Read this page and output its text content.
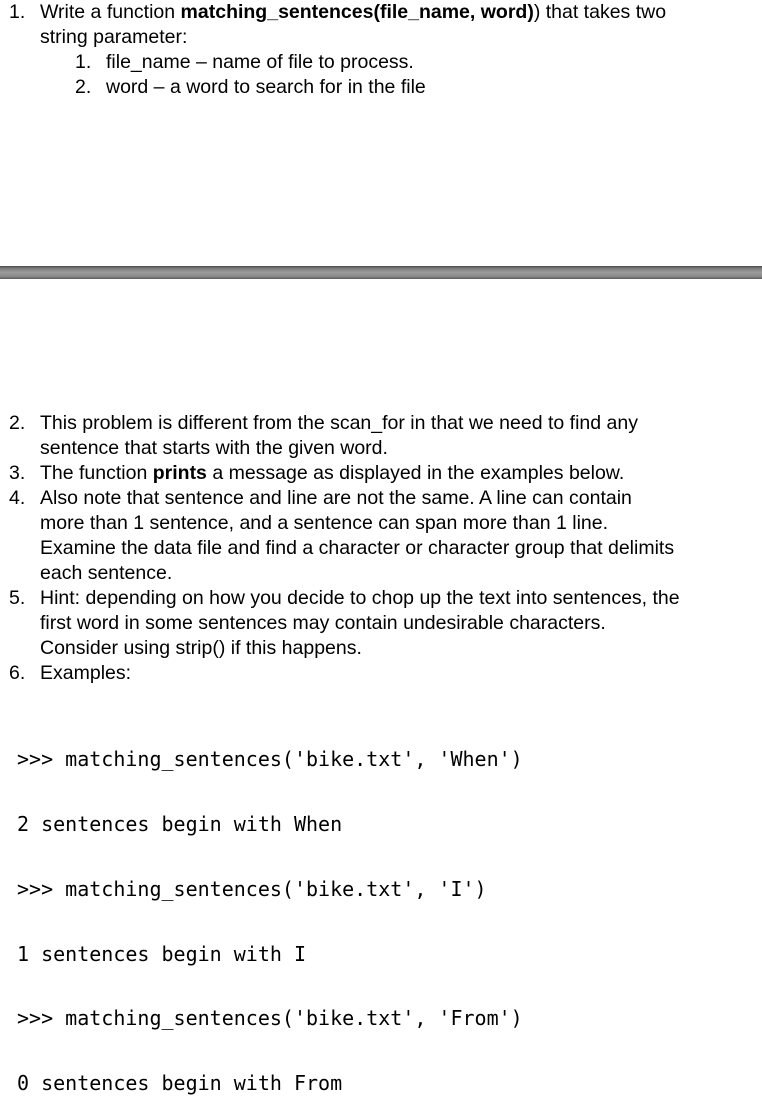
1. Write a function matching_sentences(file_name, word)) that takes two
string parameter:
1. file_name – name of file to process.
2. word – a word to search for in the file
2. This problem is different from the scan_for in that we need to find any
sentence that starts with the given word.
3. The function prints a message as displayed in the examples below.
4. Also note that sentence and line are not the same. A line can contain
more than 1 sentence, and a sentence can span more than 1 line.
Examine the data file and find a character or character group that delimits
each sentence.
5. Hint: depending on how you decide to chop up the text into sentences, the
first word in some sentences may contain undesirable characters.
Consider using strip() if this happens.
6. Examples:

>>> matching_sentences('bike.txt', 'When')

2 sentences begin with When

>>> matching_sentences('bike.txt', 'I')

1 sentences begin with I

>>> matching_sentences('bike.txt', 'From')

0 sentences begin with From
